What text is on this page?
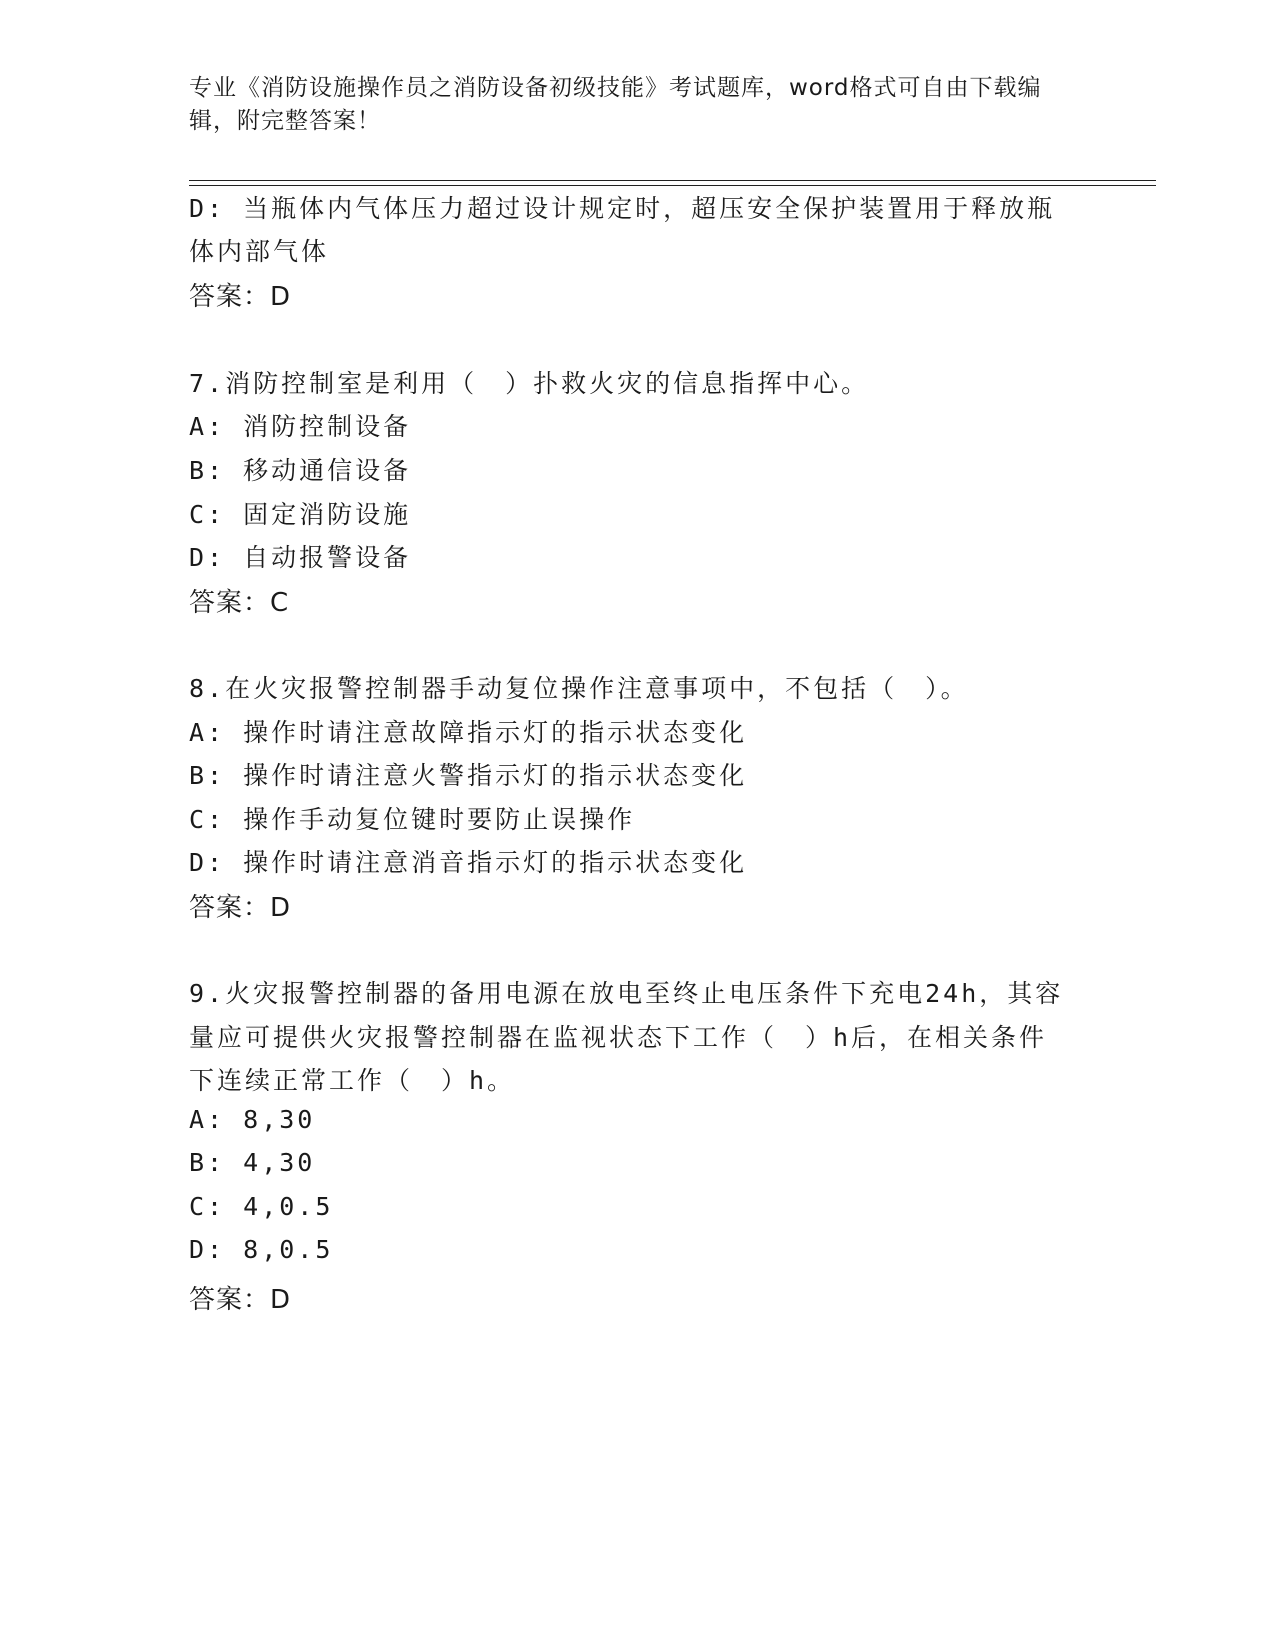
专业《消防设施操作员之消防设备初级技能》考试题库，word格式可自由下载编辑，附完整答案！
D: 当瓶体内气体压力超过设计规定时，超压安全保护装置用于释放瓶
体内部气体
答案：D
7.消防控制室是利用（　）扑救火灾的信息指挥中心。
A: 消防控制设备
B: 移动通信设备
C: 固定消防设施
D: 自动报警设备
答案：C
8.在火灾报警控制器手动复位操作注意事项中，不包括（　）。
A: 操作时请注意故障指示灯的指示状态变化
B: 操作时请注意火警指示灯的指示状态变化
C: 操作手动复位键时要防止误操作
D: 操作时请注意消音指示灯的指示状态变化
答案：D
9.火灾报警控制器的备用电源在放电至终止电压条件下充电24h，其容
量应可提供火灾报警控制器在监视状态下工作（　）h后，在相关条件
下连续正常工作（　）h。
A: 8,30
B: 4,30
C: 4,0.5
D: 8,0.5
答案：D
